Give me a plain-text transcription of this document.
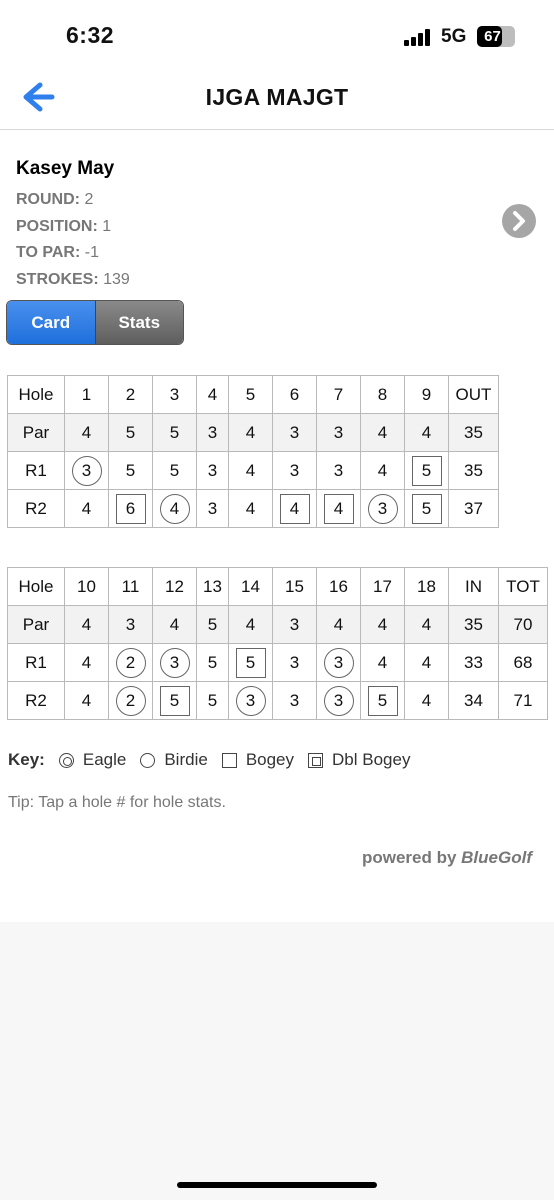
6:32	5G	67
IJGA MAJGT
Kasey May
ROUND: 2
POSITION: 1
TO PAR: -1
STROKES: 139
Card	Stats
Hole	1	2	3	4	5	6	7	8	9	OUT
Par	4	5	5	3	4	3	3	4	4	35
R1	3	5	5	3	4	3	3	4	5	35
R2	4	6	4	3	4	4	4	3	5	37
Hole	10	11	12	13	14	15	16	17	18	IN	TOT
Par	4	3	4	5	4	3	4	4	4	35	70
R1	4	2	3	5	5	3	3	4	4	33	68
R2	4	2	5	5	3	3	3	5	4	34	71
Key: Eagle Birdie Bogey Dbl Bogey
Tip: Tap a hole # for hole stats.
powered by BlueGolf
